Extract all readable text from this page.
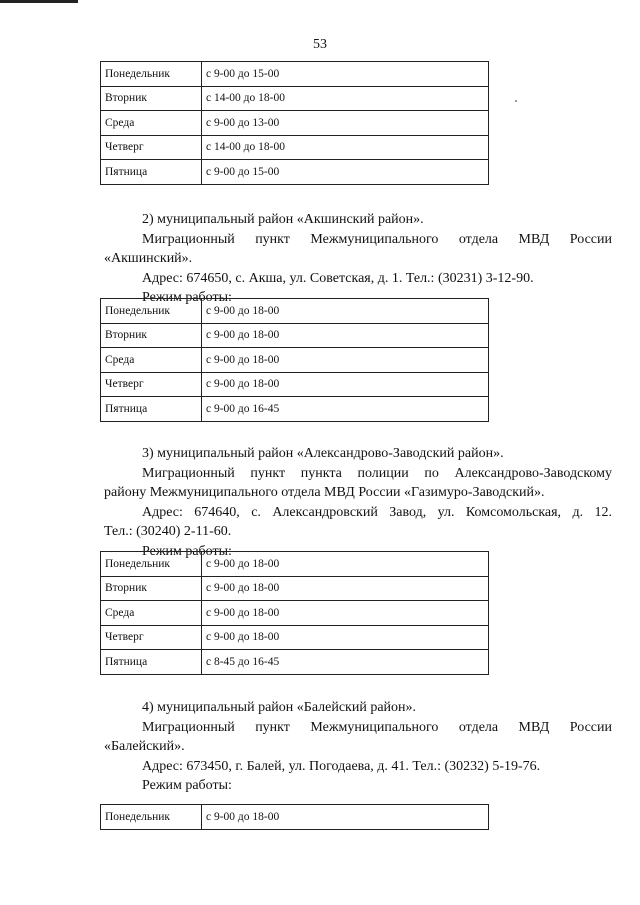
53
Понедельник	с 9-00 до 15-00
Вторник	с 14-00 до 18-00
Среда	с 9-00 до 13-00
Четверг	с 14-00 до 18-00
Пятница	с 9-00 до 15-00
2) муниципальный район «Акшинский район».
Миграционный пункт Межмуниципального отдела МВД России
«Акшинский».
Адрес: 674650, с. Акша, ул. Советская, д. 1. Тел.: (30231) 3-12-90.
Режим работы:
Понедельник	с 9-00 до 18-00
Вторник	с 9-00 до 18-00
Среда	с 9-00 до 18-00
Четверг	с 9-00 до 18-00
Пятница	с 9-00 до 16-45
3) муниципальный район «Александрово-Заводский район».
Миграционный пункт пункта полиции по Александрово-Заводскому
району Межмуниципального отдела МВД России «Газимуро-Заводский».
Адрес: 674640, с. Александровский Завод, ул. Комсомольская, д. 12.
Тел.: (30240) 2-11-60.
Режим работы:
Понедельник	с 9-00 до 18-00
Вторник	с 9-00 до 18-00
Среда	с 9-00 до 18-00
Четверг	с 9-00 до 18-00
Пятница	с 8-45 до 16-45
4) муниципальный район «Балейский район».
Миграционный пункт Межмуниципального отдела МВД России
«Балейский».
Адрес: 673450, г. Балей, ул. Погодаева, д. 41. Тел.: (30232) 5-19-76.
Режим работы:
Понедельник	с 9-00 до 18-00
